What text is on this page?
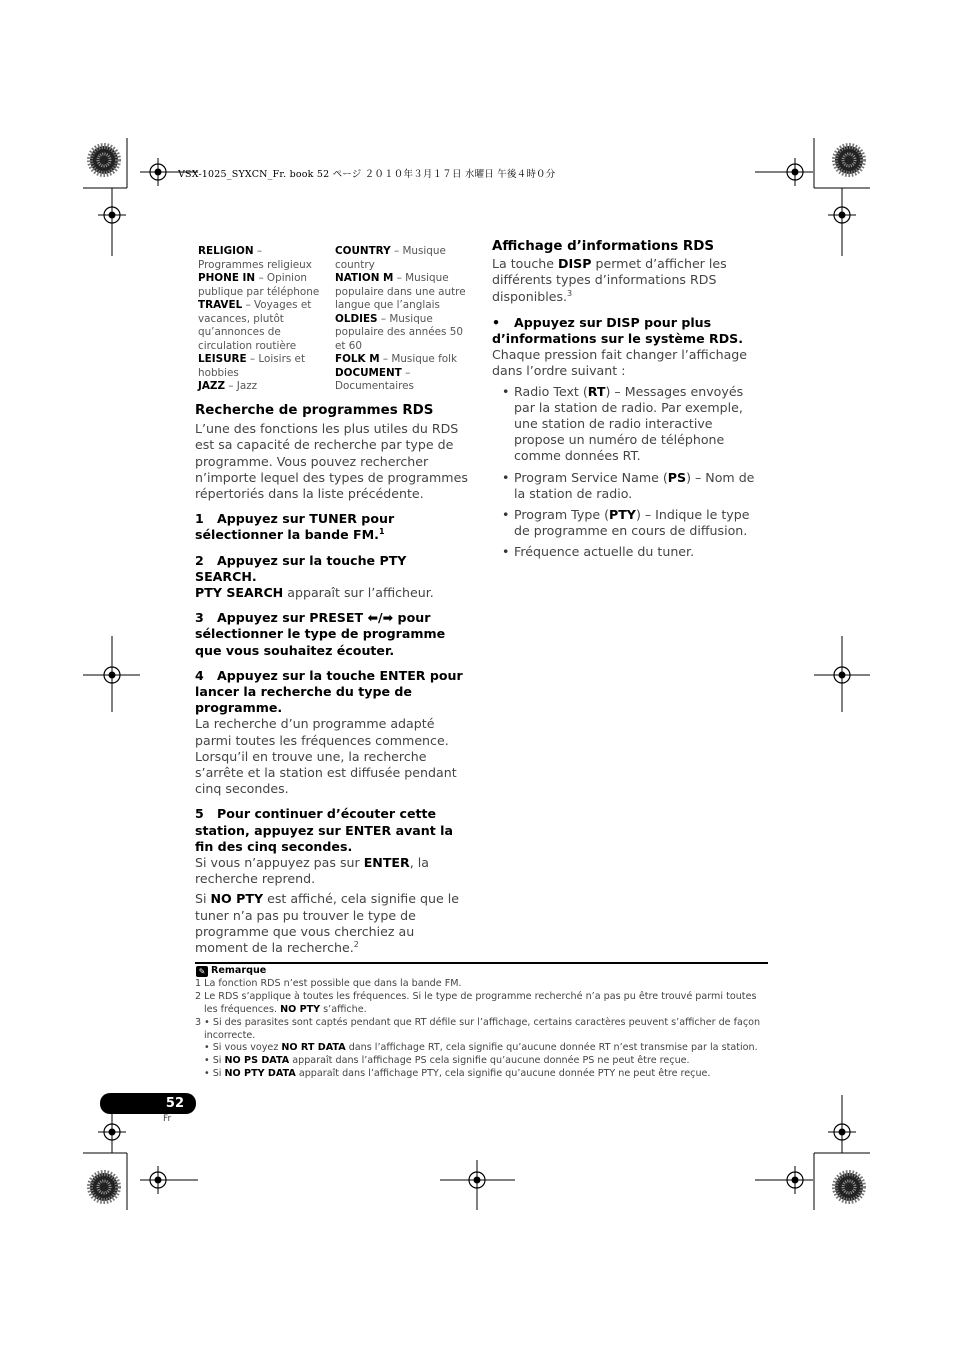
VSX-1025_SYXCN_Fr. book 52 ページ ２０１０年３月１７日 水曜日 午後４時０分
RELIGION – Programmes religieux
PHONE IN – Opinion publique par téléphone
TRAVEL – Voyages et vacances, plutôt qu’annonces de circulation routière
LEISURE – Loisirs et hobbies
JAZZ – Jazz
COUNTRY – Musique country
NATION M – Musique populaire dans une autre langue que l’anglais
OLDIES – Musique populaire des années 50 et 60
FOLK M – Musique folk
DOCUMENT – Documentaires

Recherche de programmes RDS

L’une des fonctions les plus utiles du RDS est sa capacité de recherche par type de programme. Vous pouvez rechercher n’importe lequel des types de programmes répertoriés dans la liste précédente.

1 Appuyez sur TUNER pour sélectionner la bande FM.$^1$

2 Appuyez sur la touche PTY SEARCH.

PTY SEARCH apparaît sur l’afficheur.

3 Appuyez sur PRESET ⬅/➡ pour sélectionner le type de programme que vous souhaitez écouter.

4 Appuyez sur la touche ENTER pour lancer la recherche du type de programme.

La recherche d’un programme adapté parmi toutes les fréquences commence. Lorsqu’il en trouve une, la recherche s’arrête et la station est diffusée pendant cinq secondes.

5 Pour continuer d’écouter cette station, appuyez sur ENTER avant la fin des cinq secondes.

Si vous n’appuyez pas sur ENTER, la recherche reprend.

Si NO PTY est affiché, cela signifie que le tuner n’a pas pu trouver le type de programme que vous cherchiez au moment de la recherche.$^2$

Affichage d’informations RDS

La touche DISP permet d’afficher les différents types d’informations RDS disponibles.$^3$

• Appuyez sur DISP pour plus d’informations sur le système RDS.

Chaque pression fait changer l’affichage dans l’ordre suivant :

• Radio Text (RT) – Messages envoyés par la station de radio. Par exemple, une station de radio interactive propose un numéro de téléphone comme données RT.

• Program Service Name (PS) – Nom de la station de radio.

• Program Type (PTY) – Indique le type de programme en cours de diffusion.

• Fréquence actuelle du tuner.

✎ Remarque
1 La fonction RDS n’est possible que dans la bande FM.
2 Le RDS s’applique à toutes les fréquences. Si le type de programme recherché n’a pas pu être trouvé parmi toutes
les fréquences. NO PTY s’affiche.
3 • Si des parasites sont captés pendant que RT défile sur l’affichage, certains caractères peuvent s’afficher de façon
incorrecte.
• Si vous voyez NO RT DATA dans l’affichage RT, cela signifie qu’aucune donnée RT n’est transmise par la station.
• Si NO PS DATA apparaît dans l’affichage PS cela signifie qu’aucune donnée PS ne peut être reçue.
• Si NO PTY DATA apparaît dans l’affichage PTY, cela signifie qu’aucune donnée PTY ne peut être reçue.
52
Fr
